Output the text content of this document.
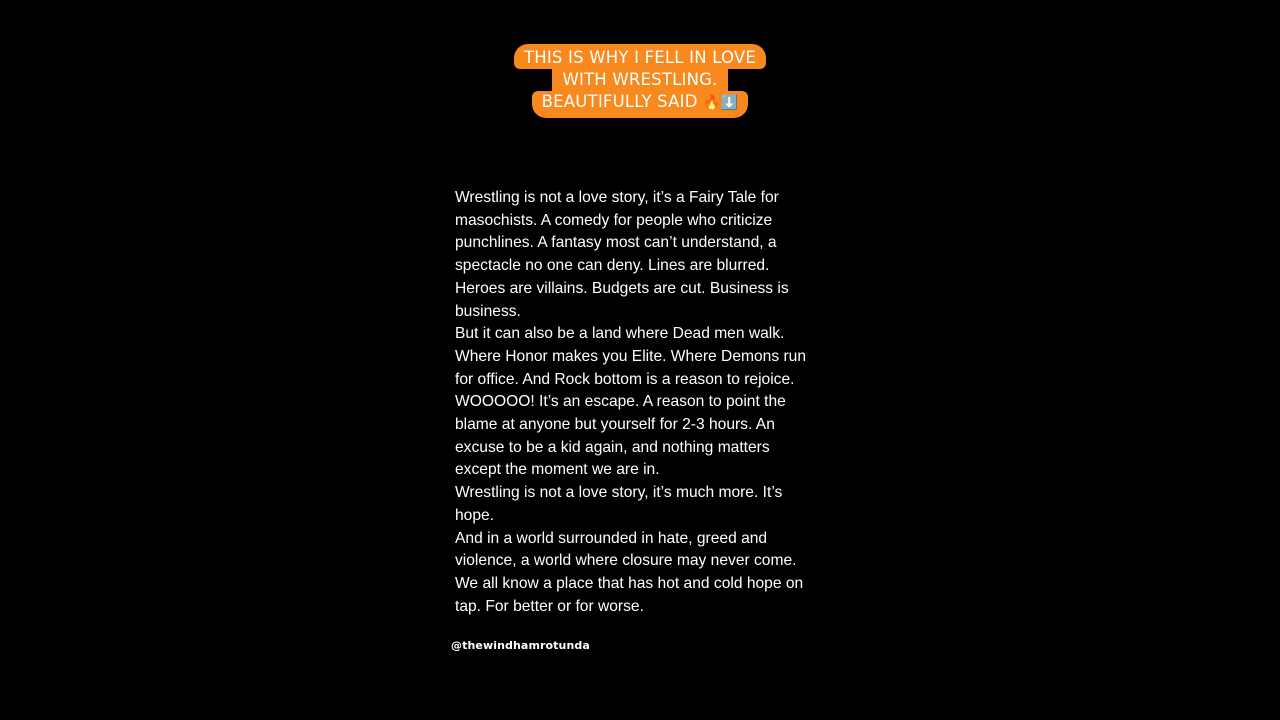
THIS IS WHY I FELL IN LOVE
WITH WRESTLING.
BEAUTIFULLY SAID 🔥⬇️

Wrestling is not a love story, it’s a Fairy Tale for masochists. A comedy for people who criticize punchlines. A fantasy most can’t understand, a spectacle no one can deny. Lines are blurred. Heroes are villains. Budgets are cut. Business is business.

But it can also be a land where Dead men walk. Where Honor makes you Elite. Where Demons run for office. And Rock bottom is a reason to rejoice. WOOOOO! It’s an escape. A reason to point the blame at anyone but yourself for 2-3 hours. An excuse to be a kid again, and nothing matters except the moment we are in.

Wrestling is not a love story, it’s much more. It’s hope.

And in a world surrounded in hate, greed and violence, a world where closure may never come. We all know a place that has hot and cold hope on tap. For better or for worse.

@thewindhamrotunda
